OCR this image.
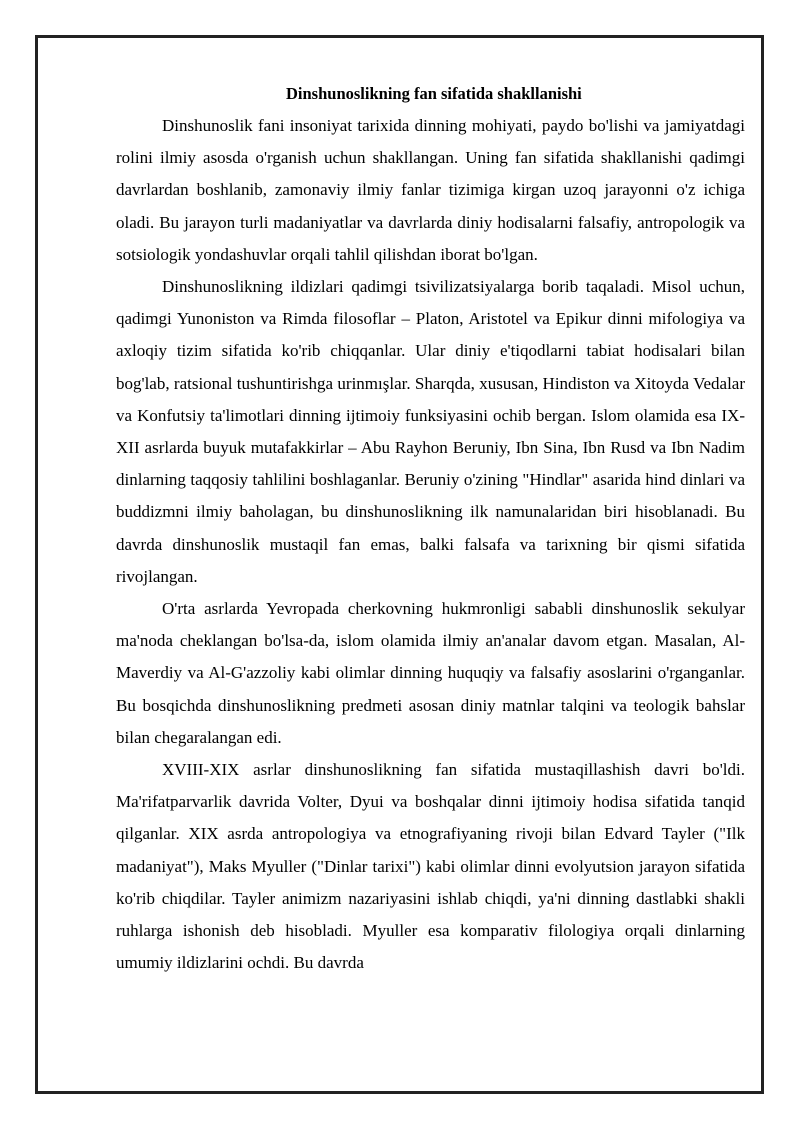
Dinshunoslikning fan sifatida shakllanishi

Dinshunoslik fani insoniyat tarixida dinning mohiyati, paydo bo'lishi va jamiyatdagi rolini ilmiy asosda o'rganish uchun shakllangan. Uning fan sifatida shakllanishi qadimgi davrlardan boshlanib, zamonaviy ilmiy fanlar tizimiga kirgan uzoq jarayonni o'z ichiga oladi. Bu jarayon turli madaniyatlar va davrlarda diniy hodisalarni falsafiy, antropologik va sotsiologik yondashuvlar orqali tahlil qilishdan iborat bo'lgan.

Dinshunoslikning ildizlari qadimgi tsivilizatsiyalarga borib taqaladi. Misol uchun, qadimgi Yunoniston va Rimda filosoflar – Platon, Aristotel va Epikur dinni mifologiya va axloqiy tizim sifatida ko'rib chiqqanlar. Ular diniy e'tiqodlarni tabiat hodisalari bilan bog'lab, ratsional tushuntirishga urinmışlar. Sharqda, xususan, Hindiston va Xitoyda Vedalar va Konfutsiy ta'limotlari dinning ijtimoiy funksiyasini ochib bergan. Islom olamida esa IX-XII asrlarda buyuk mutafakkirlar – Abu Rayhon Beruniy, Ibn Sina, Ibn Rusd va Ibn Nadim dinlarning taqqosiy tahlilini boshlaganlar. Beruniy o'zining "Hindlar" asarida hind dinlari va buddizmni ilmiy baholagan, bu dinshunoslikning ilk namunalaridan biri hisoblanadi. Bu davrda dinshunoslik mustaqil fan emas, balki falsafa va tarixning bir qismi sifatida rivojlangan.

O'rta asrlarda Yevropada cherkovning hukmronligi sababli dinshunoslik sekulyar ma'noda cheklangan bo'lsa-da, islom olamida ilmiy an'analar davom etgan. Masalan, Al-Maverdiy va Al-G'azzoliy kabi olimlar dinning huquqiy va falsafiy asoslarini o'rganganlar. Bu bosqichda dinshunoslikning predmeti asosan diniy matnlar talqini va teologik bahslar bilan chegaralangan edi.

XVIII-XIX asrlar dinshunoslikning fan sifatida mustaqillashish davri bo'ldi. Ma'rifatparvarlik davrida Volter, Dyui va boshqalar dinni ijtimoiy hodisa sifatida tanqid qilganlar. XIX asrda antropologiya va etnografiyaning rivoji bilan Edvard Tayler ("Ilk madaniyat"), Maks Myuller ("Dinlar tarixi") kabi olimlar dinni evolyutsion jarayon sifatida ko'rib chiqdilar. Tayler animizm nazariyasini ishlab chiqdi, ya'ni dinning dastlabki shakli ruhlarga ishonish deb hisobladi. Myuller esa komparativ filologiya orqali dinlarning umumiy ildizlarini ochdi. Bu davrda
